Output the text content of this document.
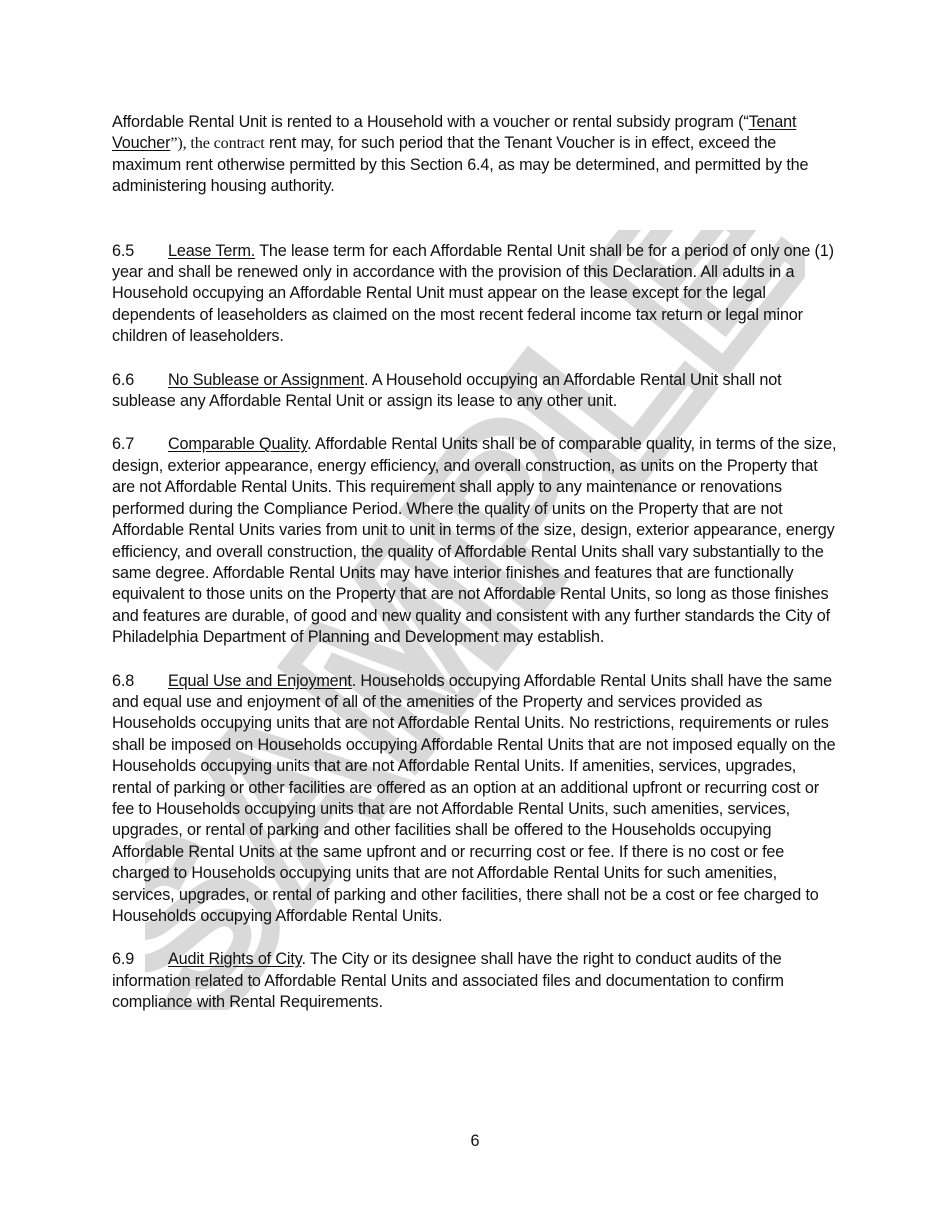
SAMPLE

Affordable Rental Unit is rented to a Household with a voucher or rental subsidy program (“Tenant Voucher”), the contract rent may, for such period that the Tenant Voucher is in effect, exceed the maximum rent otherwise permitted by this Section 6.4, as may be determined, and permitted by the administering housing authority.

6.5 Lease Term. The lease term for each Affordable Rental Unit shall be for a period of only one (1) year and shall be renewed only in accordance with the provision of this Declaration. All adults in a Household occupying an Affordable Rental Unit must appear on the lease except for the legal dependents of leaseholders as claimed on the most recent federal income tax return or legal minor children of leaseholders.

6.6 No Sublease or Assignment. A Household occupying an Affordable Rental Unit shall not sublease any Affordable Rental Unit or assign its lease to any other unit.

6.7 Comparable Quality. Affordable Rental Units shall be of comparable quality, in terms of the size, design, exterior appearance, energy efficiency, and overall construction, as units on the Property that are not Affordable Rental Units. This requirement shall apply to any maintenance or renovations performed during the Compliance Period. Where the quality of units on the Property that are not Affordable Rental Units varies from unit to unit in terms of the size, design, exterior appearance, energy efficiency, and overall construction, the quality of Affordable Rental Units shall vary substantially to the same degree. Affordable Rental Units may have interior finishes and features that are functionally equivalent to those units on the Property that are not Affordable Rental Units, so long as those finishes and features are durable, of good and new quality and consistent with any further standards the City of Philadelphia Department of Planning and Development may establish.

6.8 Equal Use and Enjoyment. Households occupying Affordable Rental Units shall have the same and equal use and enjoyment of all of the amenities of the Property and services provided as Households occupying units that are not Affordable Rental Units. No restrictions, requirements or rules shall be imposed on Households occupying Affordable Rental Units that are not imposed equally on the Households occupying units that are not Affordable Rental Units. If amenities, services, upgrades, rental of parking or other facilities are offered as an option at an additional upfront or recurring cost or fee to Households occupying units that are not Affordable Rental Units, such amenities, services, upgrades, or rental of parking and other facilities shall be offered to the Households occupying Affordable Rental Units at the same upfront and or recurring cost or fee. If there is no cost or fee charged to Households occupying units that are not Affordable Rental Units for such amenities, services, upgrades, or rental of parking and other facilities, there shall not be a cost or fee charged to Households occupying Affordable Rental Units.

6.9 Audit Rights of City. The City or its designee shall have the right to conduct audits of the information related to Affordable Rental Units and associated files and documentation to confirm compliance with Rental Requirements.

6
